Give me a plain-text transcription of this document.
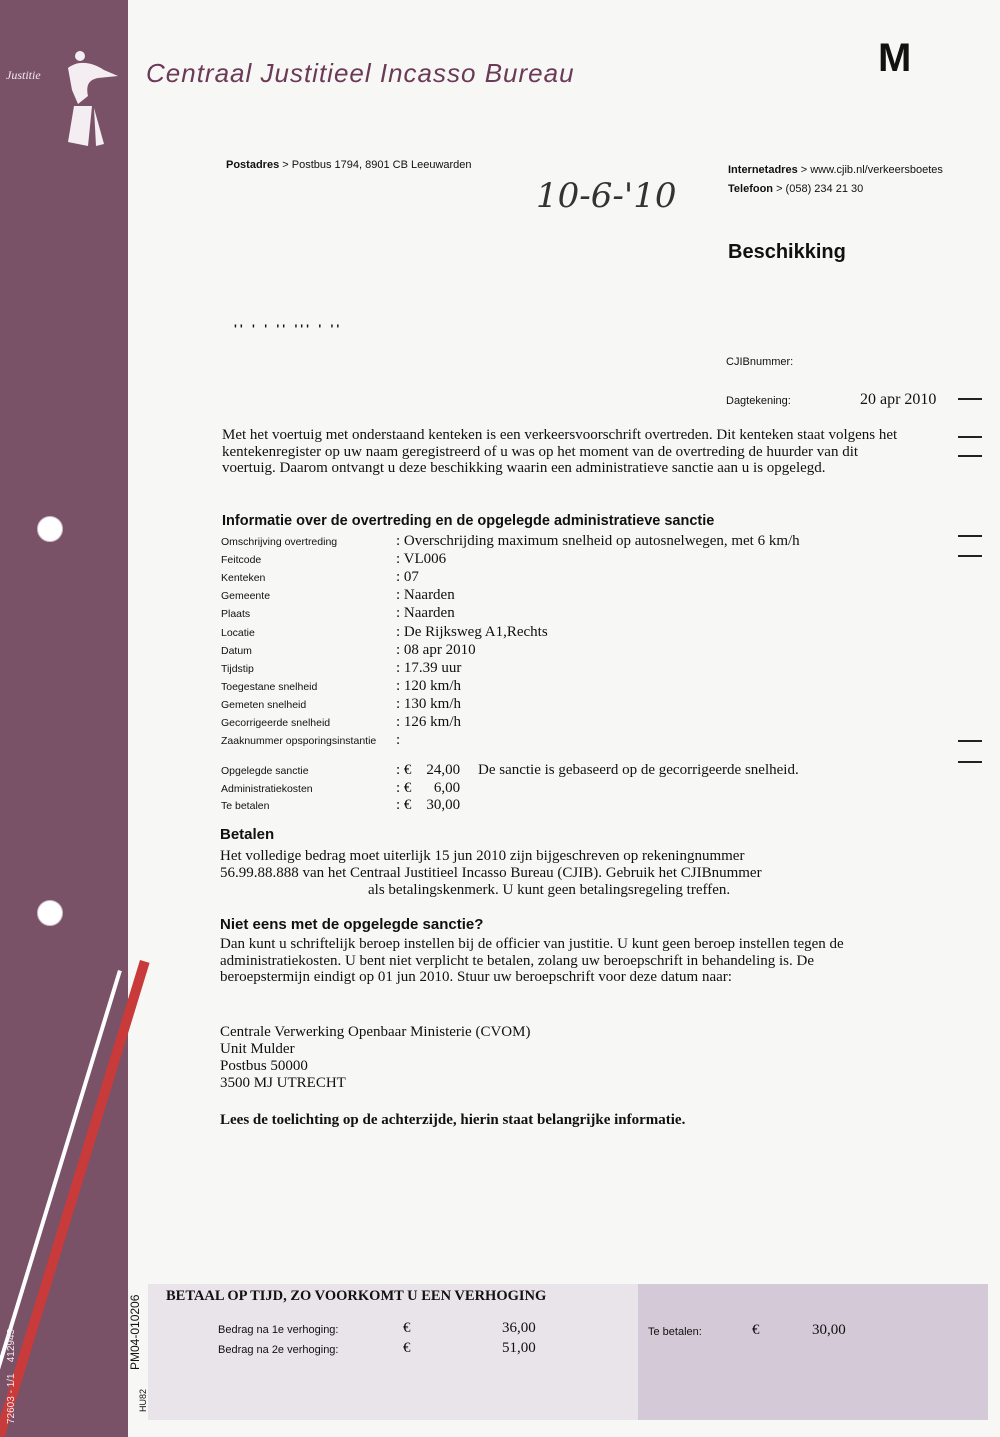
Justitie	Centraal Justitieel Incasso Bureau	M
Postadres > Postbus 1794, 8901 CB Leeuwarden	Internetadres > www.cjib.nl/verkeersboetes
Telefoon > (058) 234 21 30
10-6-'10
Beschikking
'' ' ' '' ''' ' ''
CJIBnummer:
Dagtekening:	20 apr 2010
Met het voertuig met onderstaand kenteken is een verkeersvoorschrift overtreden. Dit kenteken staat volgens het kentekenregister op uw naam geregistreerd of u was op het moment van de overtreding de huurder van dit voertuig. Daarom ontvangt u deze beschikking waarin een administratieve sanctie aan u is opgelegd.
Informatie over de overtreding en de opgelegde administratieve sanctie
Omschrijving overtreding	: Overschrijding maximum snelheid op autosnelwegen, met 6 km/h
Feitcode	: VL006
Kenteken	: 07
Gemeente	: Naarden
Plaats	: Naarden
Locatie	: De Rijksweg A1,Rechts
Datum	: 08 apr 2010
Tijdstip	: 17.39 uur
Toegestane snelheid	: 120 km/h
Gemeten snelheid	: 130 km/h
Gecorrigeerde snelheid	: 126 km/h
Zaaknummer opsporingsinstantie :
Opgelegde sanctie	: €    24,00
Administratiekosten	: €      6,00
Te betalen	: €    30,00
De sanctie is gebaseerd op de gecorrigeerde snelheid.
Betalen
Het volledige bedrag moet uiterlijk 15 jun 2010 zijn bijgeschreven op rekeningnummer
56.99.88.888 van het Centraal Justitieel Incasso Bureau (CJIB). Gebruik het CJIBnummer
als betalingskenmerk. U kunt geen betalingsregeling treffen.
Niet eens met de opgelegde sanctie?
Dan kunt u schriftelijk beroep instellen bij de officier van justitie. U kunt geen beroep instellen tegen de administratiekosten. U bent niet verplicht te betalen, zolang uw beroepschrift in behandeling is. De beroepstermijn eindigt op 01 jun 2010. Stuur uw beroepschrift voor deze datum naar:
Centrale Verwerking Openbaar Ministerie (CVOM)
Unit Mulder
Postbus 50000
3500 MJ UTRECHT
Lees de toelichting op de achterzijde, hierin staat belangrijke informatie.
BETAAL OP TIJD, ZO VOORKOMT U EEN VERHOGING
Bedrag na 1e verhoging:	€	36,00
Bedrag na 2e verhoging:	€	51,00
Te betalen:	€	30,00
PM04-010206
HU82
72603 - 1/1    412945
